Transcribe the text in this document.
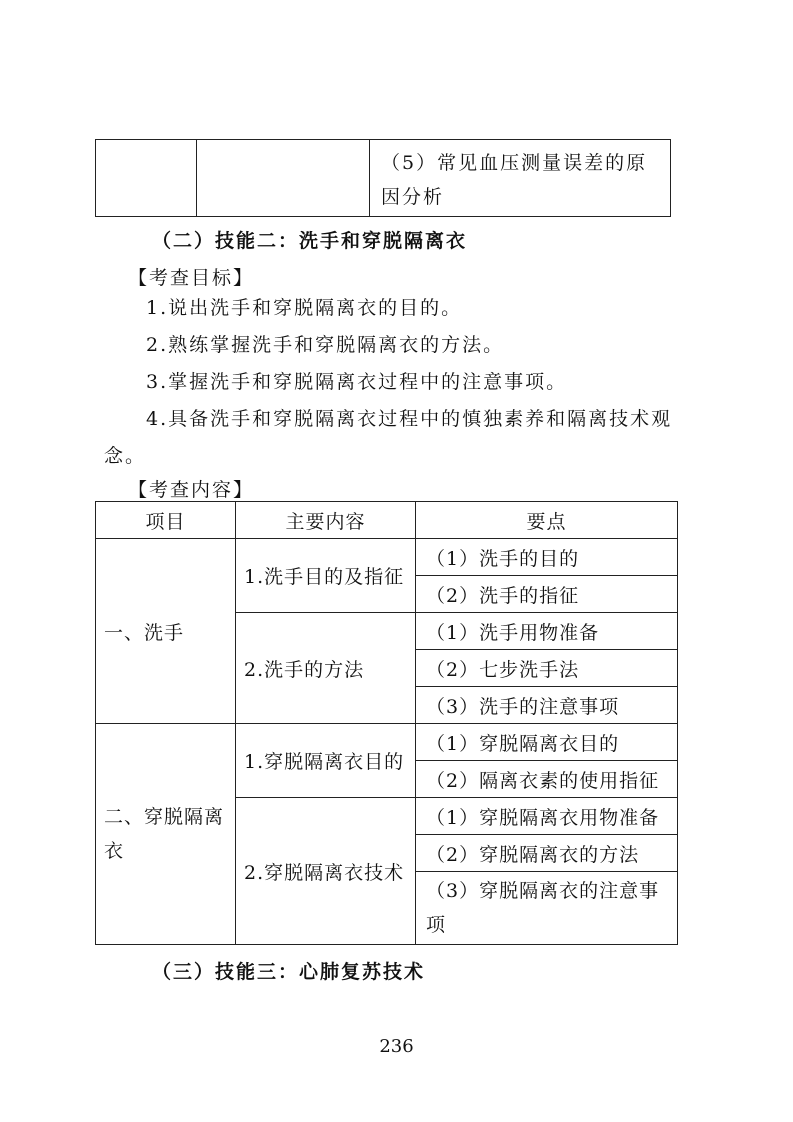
		（5）常见血压测量误差的原因分析
（二）技能二：洗手和穿脱隔离衣
【考查目标】
1.说出洗手和穿脱隔离衣的目的。
2.熟练掌握洗手和穿脱隔离衣的方法。
3.掌握洗手和穿脱隔离衣过程中的注意事项。
4.具备洗手和穿脱隔离衣过程中的慎独素养和隔离技术观念。
【考查内容】
项目	主要内容	要点
一、洗手	1.洗手目的及指征	（1）洗手的目的
		（2）洗手的指征
	2.洗手的方法	（1）洗手用物准备
		（2）七步洗手法
		（3）洗手的注意事项
二、穿脱隔离衣	1.穿脱隔离衣目的	（1）穿脱隔离衣目的
		（2）隔离衣素的使用指征
	2.穿脱隔离衣技术	（1）穿脱隔离衣用物准备
		（2）穿脱隔离衣的方法
		（3）穿脱隔离衣的注意事项
（三）技能三：心肺复苏技术
236
